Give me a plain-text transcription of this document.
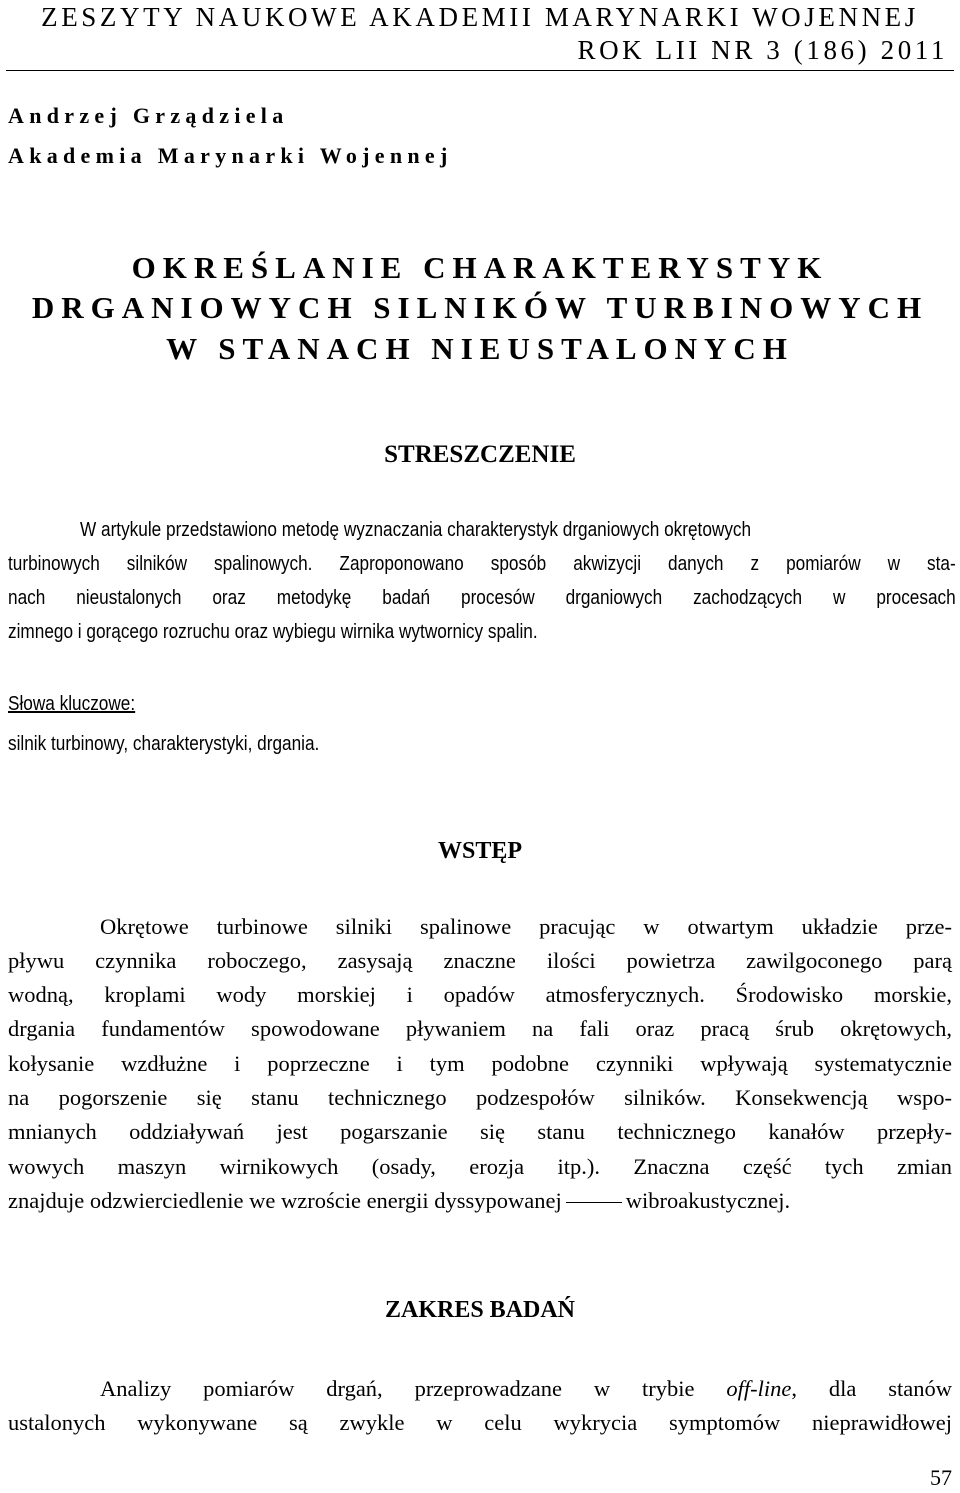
ZESZYTY NAUKOWE AKADEMII MARYNARKI WOJENNEJ
ROK LII NR 3 (186) 2011
Andrzej Grządziela
Akademia Marynarki Wojennej
OKREŚLANIE CHARAKTERYSTYK
DRGANIOWYCH SILNIKÓW TURBINOWYCH
W STANACH NIEUSTALONYCH
STRESZCZENIE
W artykule przedstawiono metodę wyznaczania charakterystyk drganiowych okrętowych
turbinowych silników spalinowych. Zaproponowano sposób akwizycji danych z pomiarów w sta-
nach nieustalonych oraz metodykę badań procesów drganiowych zachodzących w procesach
zimnego i gorącego rozruchu oraz wybiegu wirnika wytwornicy spalin.
Słowa kluczowe:
silnik turbinowy, charakterystyki, drgania.
WSTĘP
Okrętowe turbinowe silniki spalinowe pracując w otwartym układzie prze-
pływu czynnika roboczego, zasysają znaczne ilości powietrza zawilgoconego parą
wodną, kroplami wody morskiej i opadów atmosferycznych. Środowisko morskie,
drgania fundamentów spowodowane pływaniem na fali oraz pracą śrub okrętowych,
kołysanie wzdłużne i poprzeczne i tym podobne czynniki wpływają systematycznie
na pogorszenie się stanu technicznego podzespołów silników. Konsekwencją wspo-
mnianych oddziaływań jest pogarszanie się stanu technicznego kanałów przepły-
wowych maszyn wirnikowych (osady, erozja itp.). Znaczna część tych zmian
znajduje odzwierciedlenie we wzroście energii dyssypowanej	wibroakustycznej.
ZAKRES BADAŃ
Analizy pomiarów drgań, przeprowadzane w trybie off-line, dla stanów
ustalonych wykonywane są zwykle w celu wykrycia symptomów nieprawidłowej
57
